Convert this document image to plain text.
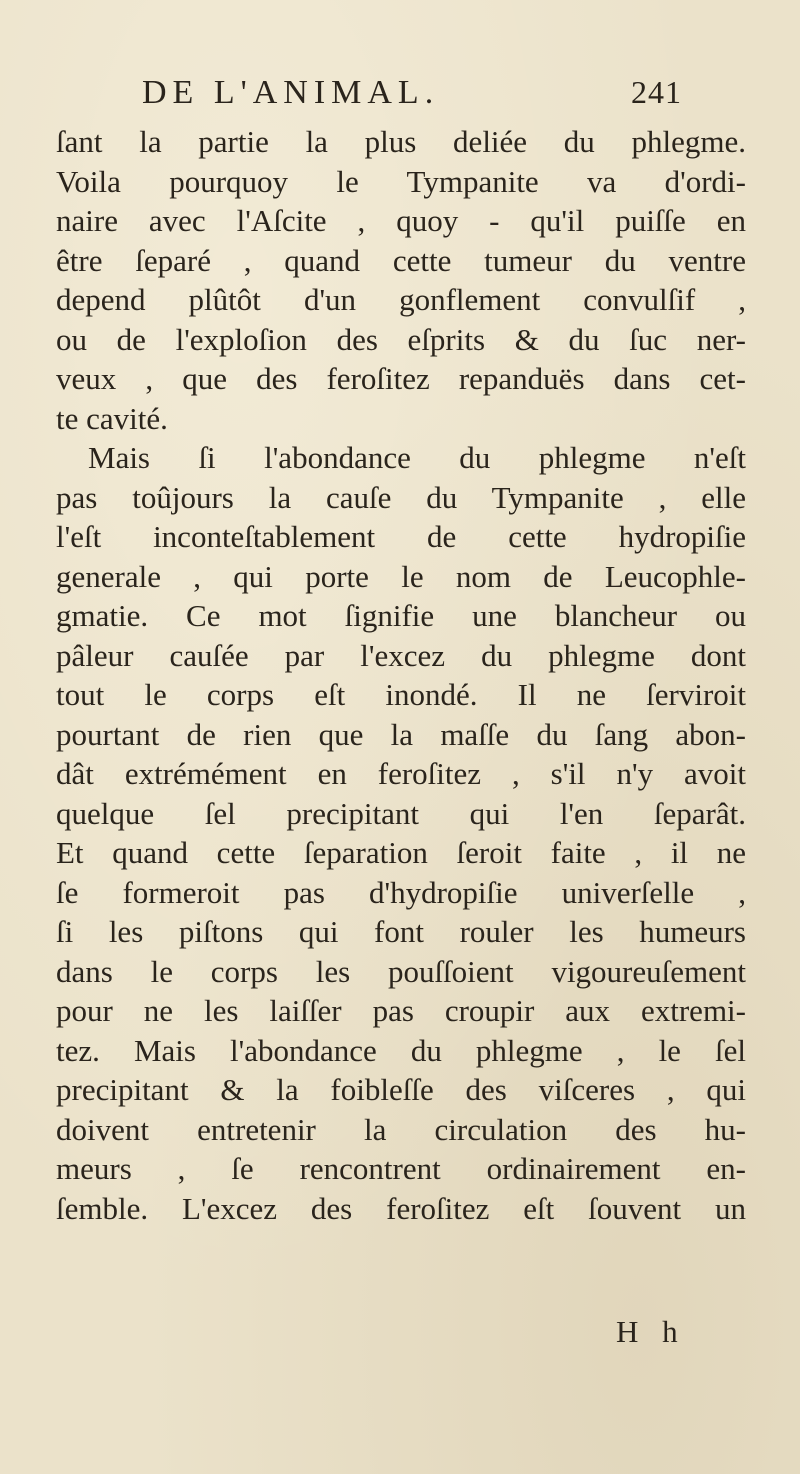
DE L'ANIMAL.	241
ſant la partie la plus deliée du phlegme.
Voila pourquoy le Tympanite va d'ordi-
naire avec l'Aſcite , quoy - qu'il puiſſe en
être ſeparé , quand cette tumeur du ventre
depend plûtôt d'un gonflement convulſif ,
ou de l'exploſion des eſprits & du ſuc ner-
veux , que des feroſitez repanduës dans cet-
te cavité.
Mais ſi l'abondance du phlegme n'eſt
pas toûjours la cauſe du Tympanite , elle
l'eſt inconteſtablement de cette hydropiſie
generale , qui porte le nom de Leucophle-
gmatie. Ce mot ſignifie une blancheur ou
pâleur cauſée par l'excez du phlegme dont
tout le corps eſt inondé. Il ne ſerviroit
pourtant de rien que la maſſe du ſang abon-
dât extrémément en feroſitez , s'il n'y avoit
quelque ſel precipitant qui l'en ſeparât.
Et quand cette ſeparation ſeroit faite , il ne
ſe formeroit pas d'hydropiſie univerſelle ,
ſi les piſtons qui font rouler les humeurs
dans le corps les pouſſoient vigoureuſement
pour ne les laiſſer pas croupir aux extremi-
tez. Mais l'abondance du phlegme , le ſel
precipitant & la foibleſſe des viſceres , qui
doivent entretenir la circulation des hu-
meurs , ſe rencontrent ordinairement en-
ſemble. L'excez des feroſitez eſt ſouvent un
H h
